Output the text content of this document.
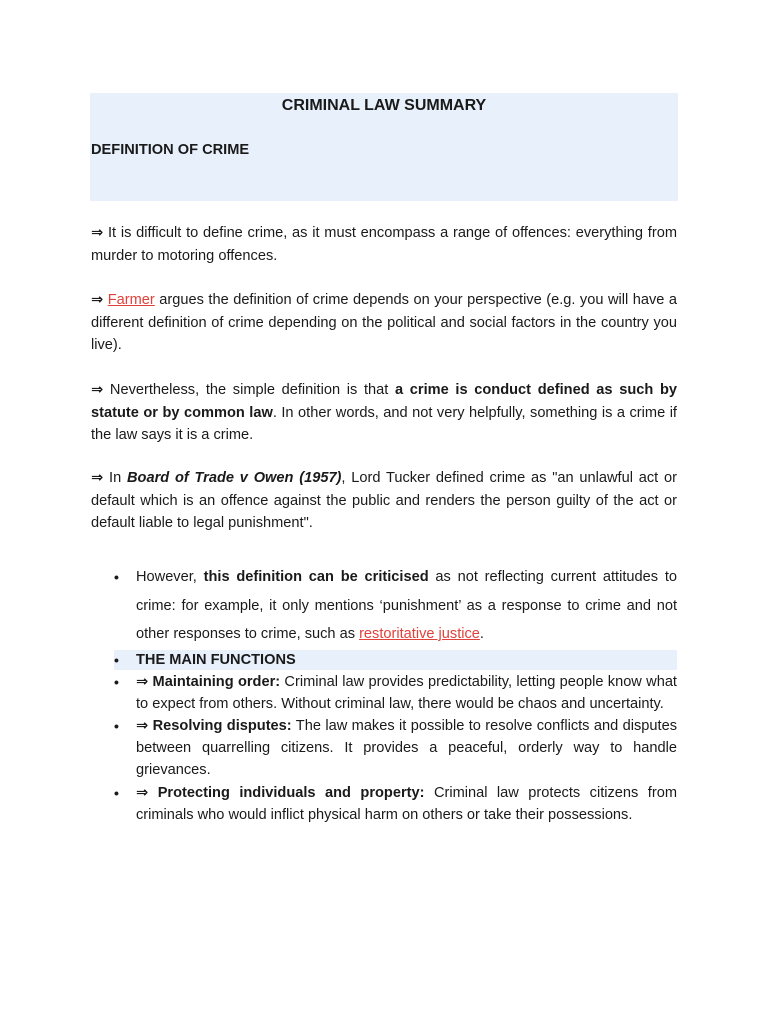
CRIMINAL LAW SUMMARY
DEFINITION OF CRIME

⇒ It is difficult to define crime, as it must encompass a range of offences: everything from murder to motoring offences.

⇒ Farmer argues the definition of crime depends on your perspective (e.g. you will have a different definition of crime depending on the political and social factors in the country you live).

⇒ Nevertheless, the simple definition is that a crime is conduct defined as such by statute or by common law. In other words, and not very helpfully, something is a crime if the law says it is a crime.

⇒ In Board of Trade v Owen (1957), Lord Tucker defined crime as "an unlawful act or default which is an offence against the public and renders the person guilty of the act or default liable to legal punishment".

• However, this definition can be criticised as not reflecting current attitudes to crime: for example, it only mentions ‘punishment’ as a response to crime and not other responses to crime, such as restoritative justice.
• THE MAIN FUNCTIONS
• ⇒ Maintaining order: Criminal law provides predictability, letting people know what to expect from others. Without criminal law, there would be chaos and uncertainty.
• ⇒ Resolving disputes: The law makes it possible to resolve conflicts and disputes between quarrelling citizens. It provides a peaceful, orderly way to handle grievances.
• ⇒ Protecting individuals and property: Criminal law protects citizens from criminals who would inflict physical harm on others or take their possessions.
